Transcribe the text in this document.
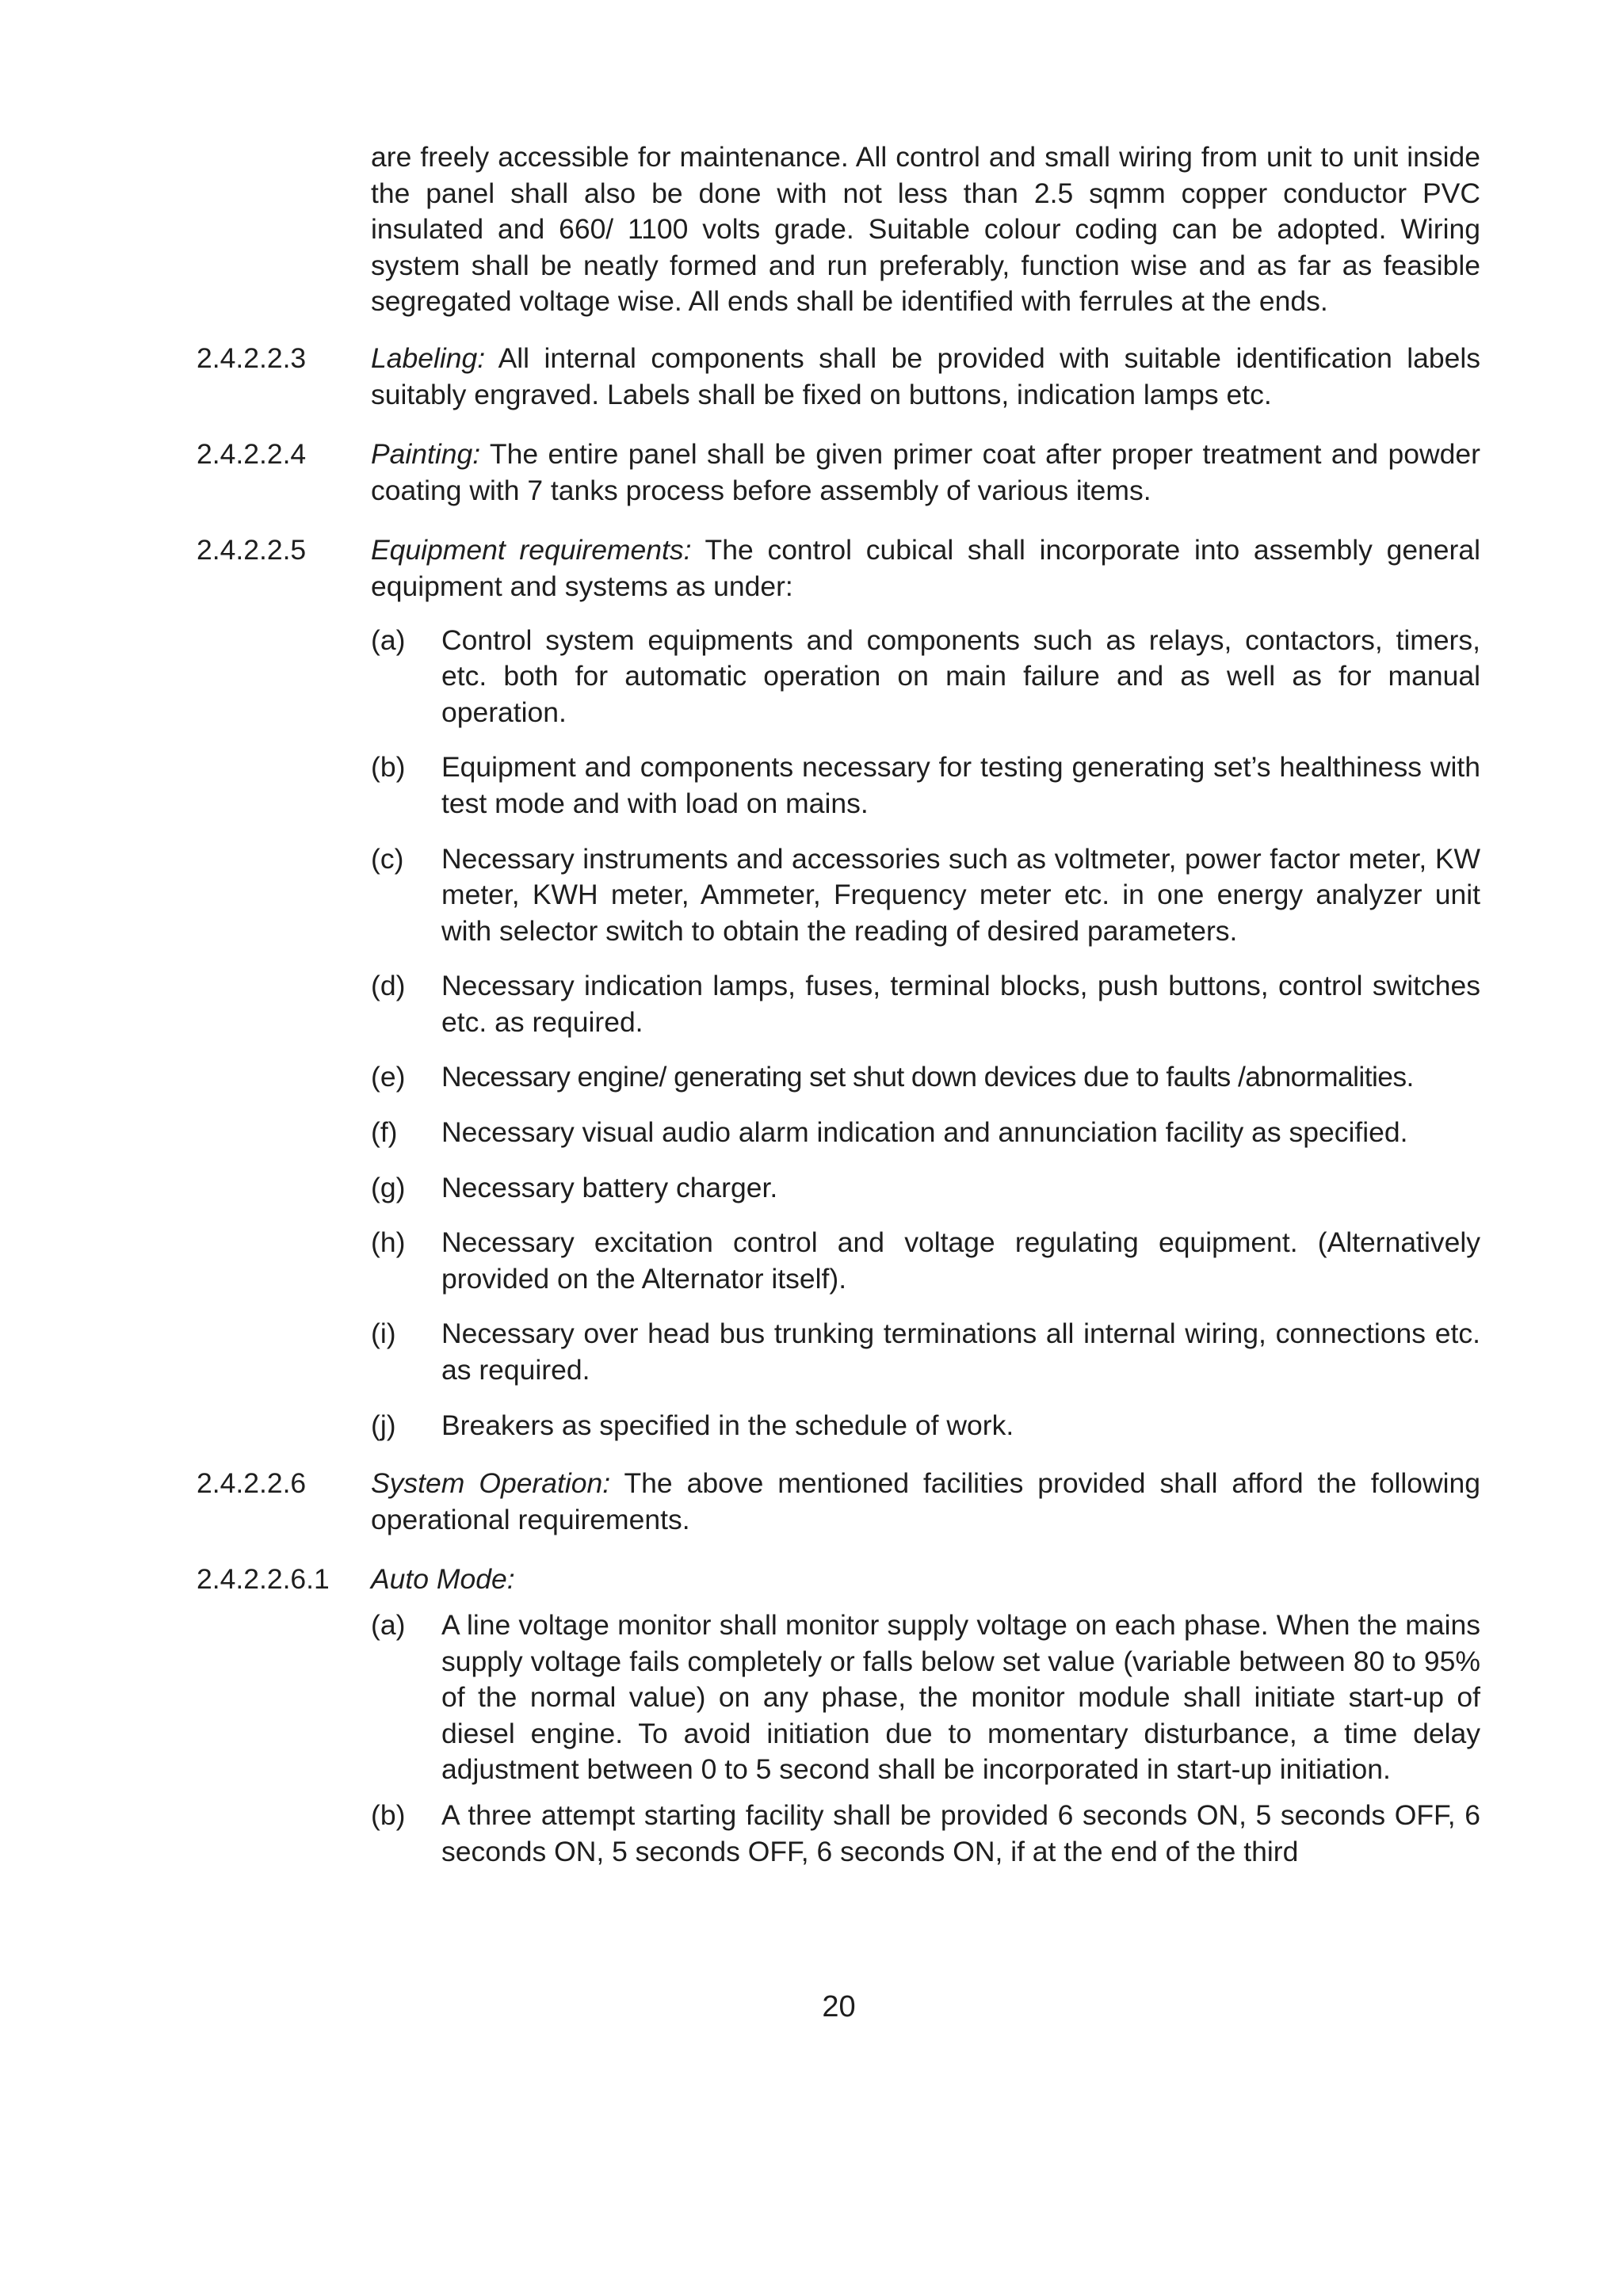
are freely accessible for maintenance. All control and small wiring from unit to unit inside the panel shall also be done with not less than 2.5 sqmm copper conductor PVC insulated and 660/ 1100 volts grade. Suitable colour coding can be adopted. Wiring system shall be neatly formed and run preferably, function wise and as far as feasible segregated voltage wise. All ends shall be identified with ferrules at the ends.
2.4.2.2.3	Labeling: All internal components shall be provided with suitable identification labels suitably engraved. Labels shall be fixed on buttons, indication lamps etc.
2.4.2.2.4	Painting: The entire panel shall be given primer coat after proper treatment and powder coating with 7 tanks process before assembly of various items.
2.4.2.2.5	Equipment requirements: The control cubical shall incorporate into assembly general equipment and systems as under:
(a)	Control system equipments and components such as relays, contactors, timers, etc. both for automatic operation on main failure and as well as for manual operation.
(b)	Equipment and components necessary for testing generating set’s healthiness with test mode and with load on mains.
(c)	Necessary instruments and accessories such as voltmeter, power factor meter, KW meter, KWH meter, Ammeter, Frequency meter etc. in one energy analyzer unit with selector switch to obtain the reading of desired parameters.
(d)	Necessary indication lamps, fuses, terminal blocks, push buttons, control switches etc. as required.
(e)	Necessary engine/ generating set shut down devices due to faults /abnormalities.
(f)	Necessary visual audio alarm indication and annunciation facility as specified.
(g)	Necessary battery charger.
(h)	Necessary excitation control and voltage regulating equipment. (Alternatively provided on the Alternator itself).
(i)	Necessary over head bus trunking terminations all internal wiring, connections etc. as required.
(j)	Breakers as specified in the schedule of work.
2.4.2.2.6	System Operation: The above mentioned facilities provided shall afford the following operational requirements.
2.4.2.2.6.1	Auto Mode:
(a)	A line voltage monitor shall monitor supply voltage on each phase. When the mains supply voltage fails completely or falls below set value (variable between 80 to 95% of the normal value) on any phase, the monitor module shall initiate start-up of diesel engine. To avoid initiation due to momentary disturbance, a time delay adjustment between 0 to 5 second shall be incorporated in start-up initiation.
(b)	A three attempt starting facility shall be provided 6 seconds ON, 5 seconds OFF, 6 seconds ON, 5 seconds OFF, 6 seconds ON, if at the end of the third
20
